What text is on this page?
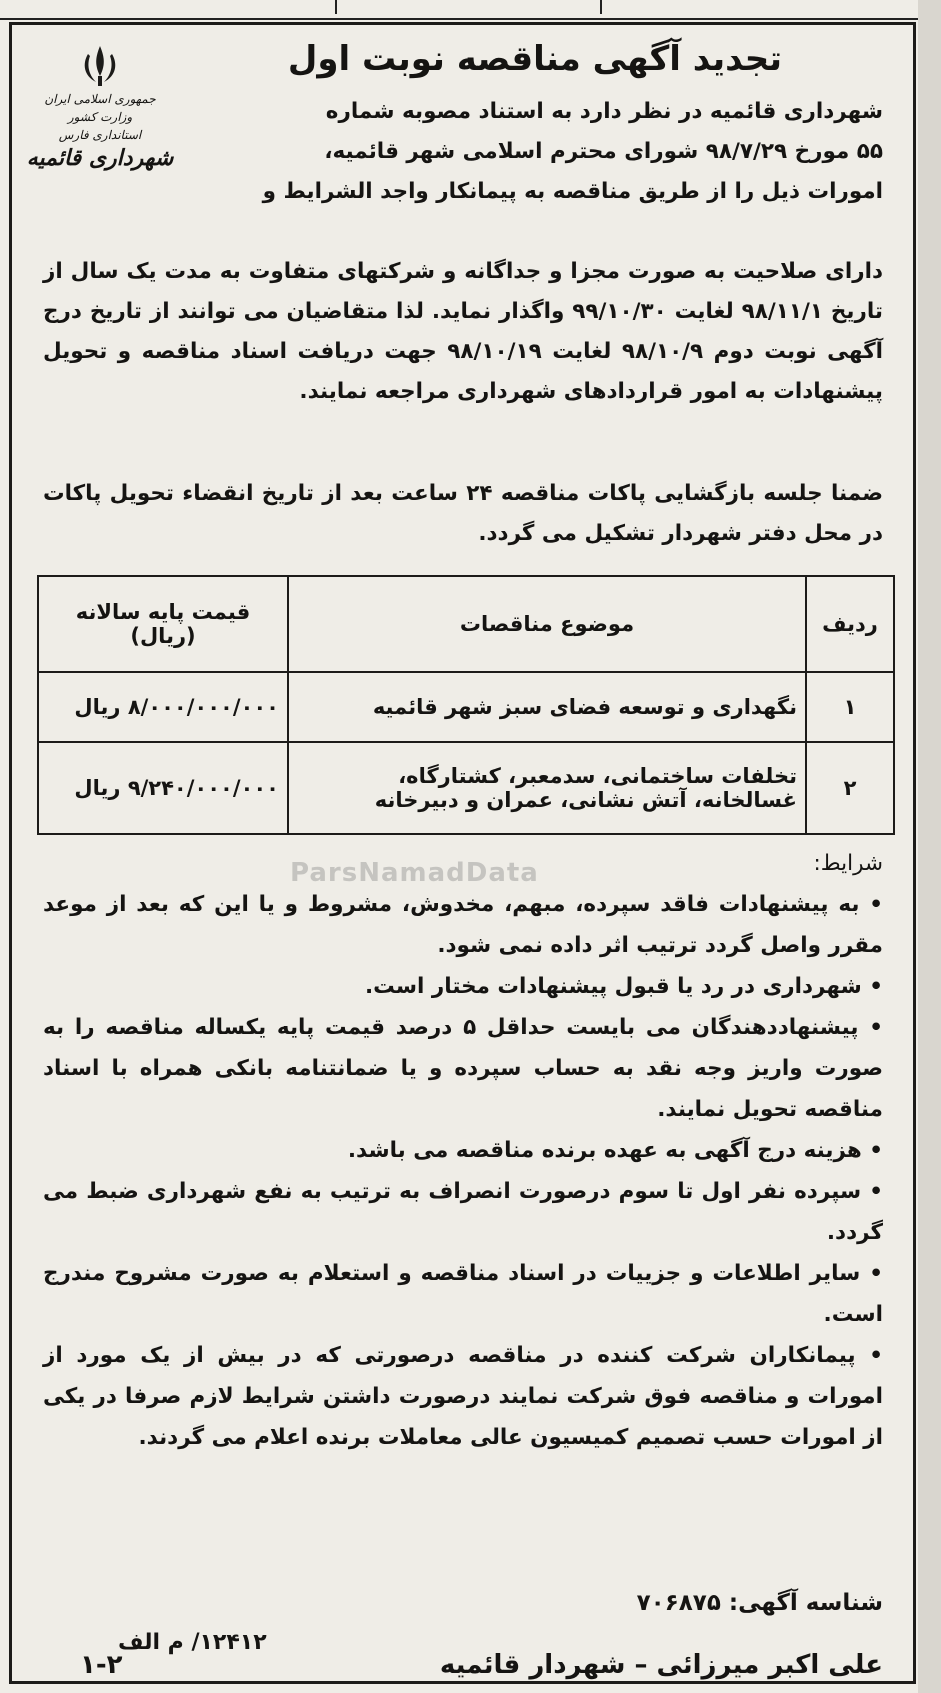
جمهوری اسلامی ایران
وزارت کشور
استانداری فارس
شهرداری قائمیه
تجدید آگهی مناقصه نوبت اول
شهرداری قائمیه در نظر دارد به استناد مصوبه شماره
۵۵ مورخ ۹۸/۷/۲۹ شورای محترم اسلامی شهر قائمیه،
امورات ذیل را از طریق مناقصه به پیمانکار واجد الشرایط و
دارای صلاحیت به صورت مجزا و جداگانه و شرکتهای متفاوت به مدت یک سال از تاریخ ۹۸/۱۱/۱ لغایت ۹۹/۱۰/۳۰ واگذار نماید. لذا متقاضیان می توانند از تاریخ درج آگهی نوبت دوم ۹۸/۱۰/۹ لغایت ۹۸/۱۰/۱۹ جهت دریافت اسناد مناقصه و تحویل پیشنهادات به امور قراردادهای شهرداری مراجعه نمایند.
ضمنا جلسه بازگشایی پاکات مناقصه ۲۴ ساعت بعد از تاریخ انقضاء تحویل پاکات در محل دفتر شهردار تشکیل می گردد.
ردیف	موضوع مناقصات	قیمت پایه سالانه (ریال)
۱	نگهداری و توسعه فضای سبز شهر قائمیه	۸/۰۰۰/۰۰۰/۰۰۰ ریال
۲	تخلفات ساختمانی، سدمعبر، کشتارگاه، غسالخانه، آتش نشانی، عمران و دبیرخانه	۹/۲۴۰/۰۰۰/۰۰۰ ریال
ParsNamadData	شرایط:

• به پیشنهادات فاقد سپرده، مبهم، مخدوش، مشروط و یا این که بعد از موعد مقرر واصل گردد ترتیب اثر داده نمی شود.

• شهرداری در رد یا قبول پیشنهادات مختار است.

• پیشنهاددهندگان می بایست حداقل ۵ درصد قیمت پایه یکساله مناقصه را به صورت واریز وجه نقد به حساب سپرده و یا ضمانتنامه بانکی همراه با اسناد مناقصه تحویل نمایند.

• هزینه درج آگهی به عهده برنده مناقصه می باشد.

• سپرده نفر اول تا سوم درصورت انصراف به ترتیب به نفع شهرداری ضبط می گردد.

• سایر اطلاعات و جزییات در اسناد مناقصه و استعلام به صورت مشروح مندرج است.

• پیمانکاران شرکت کننده در مناقصه درصورتی که در بیش از یک مورد از امورات و مناقصه فوق شرکت نمایند درصورت داشتن شرایط لازم صرفا در یکی از امورات حسب تصمیم کمیسیون عالی معاملات برنده اعلام می گردند.

شناسه آگهی: ۷۰۶۸۷۵
۱۲۴۱۲/ م الف
علی اکبر میرزائی – شهردار قائمیه
۱-۲
